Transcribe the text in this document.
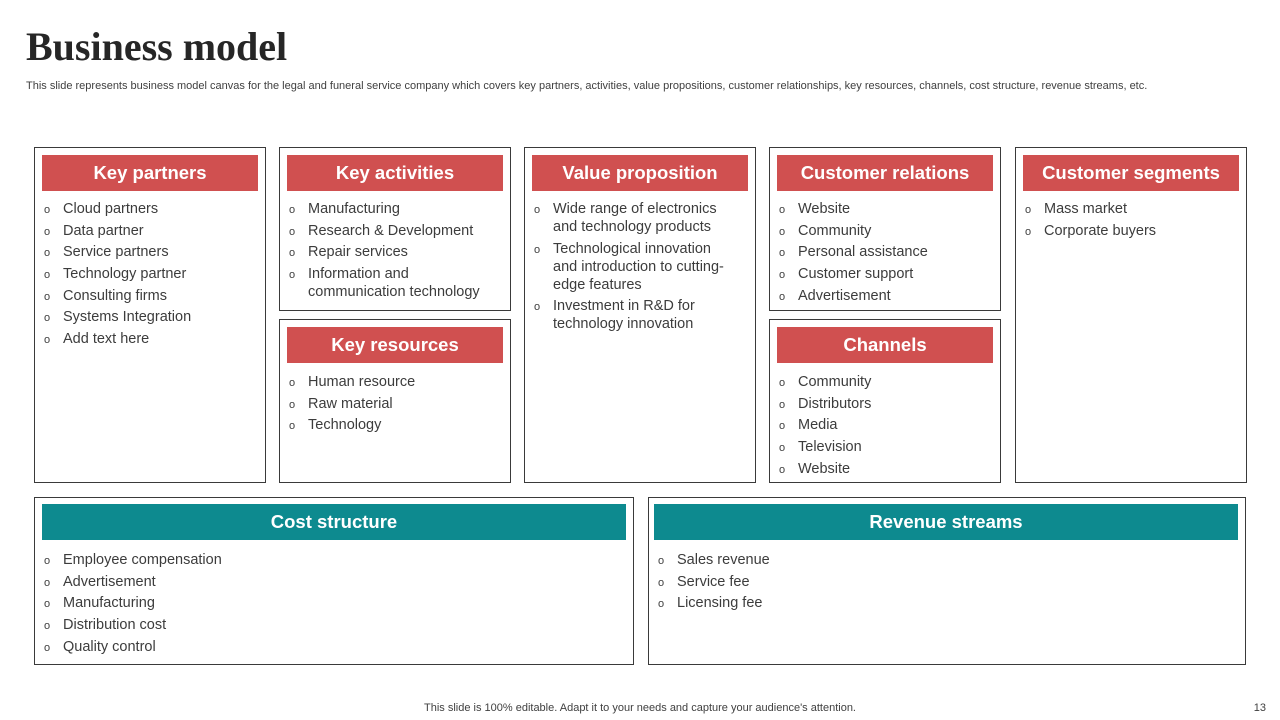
Business model
This slide represents business model canvas for the legal and funeral service company which covers key partners, activities, value propositions, customer relationships, key resources, channels, cost structure, revenue streams, etc.
Key partners
o Cloud partners
o Data partner
o Service partners
o Technology partner
o Consulting firms
o Systems Integration
o Add text here
Key activities
o Manufacturing
o Research & Development
o Repair services
o Information and communication technology
Key resources
o Human resource
o Raw material
o Technology
Value proposition
o Wide range of electronics and technology products
o Technological innovation and introduction to cutting-edge features
o Investment in R&D for technology innovation
Customer relations
o Website
o Community
o Personal assistance
o Customer support
o Advertisement
Channels
o Community
o Distributors
o Media
o Television
o Website
Customer segments
o Mass market
o Corporate buyers
Cost structure
o Employee compensation
o Advertisement
o Manufacturing
o Distribution cost
o Quality control
Revenue streams
o Sales revenue
o Service fee
o Licensing fee
This slide is 100% editable. Adapt it to your needs and capture your audience's attention.	13
